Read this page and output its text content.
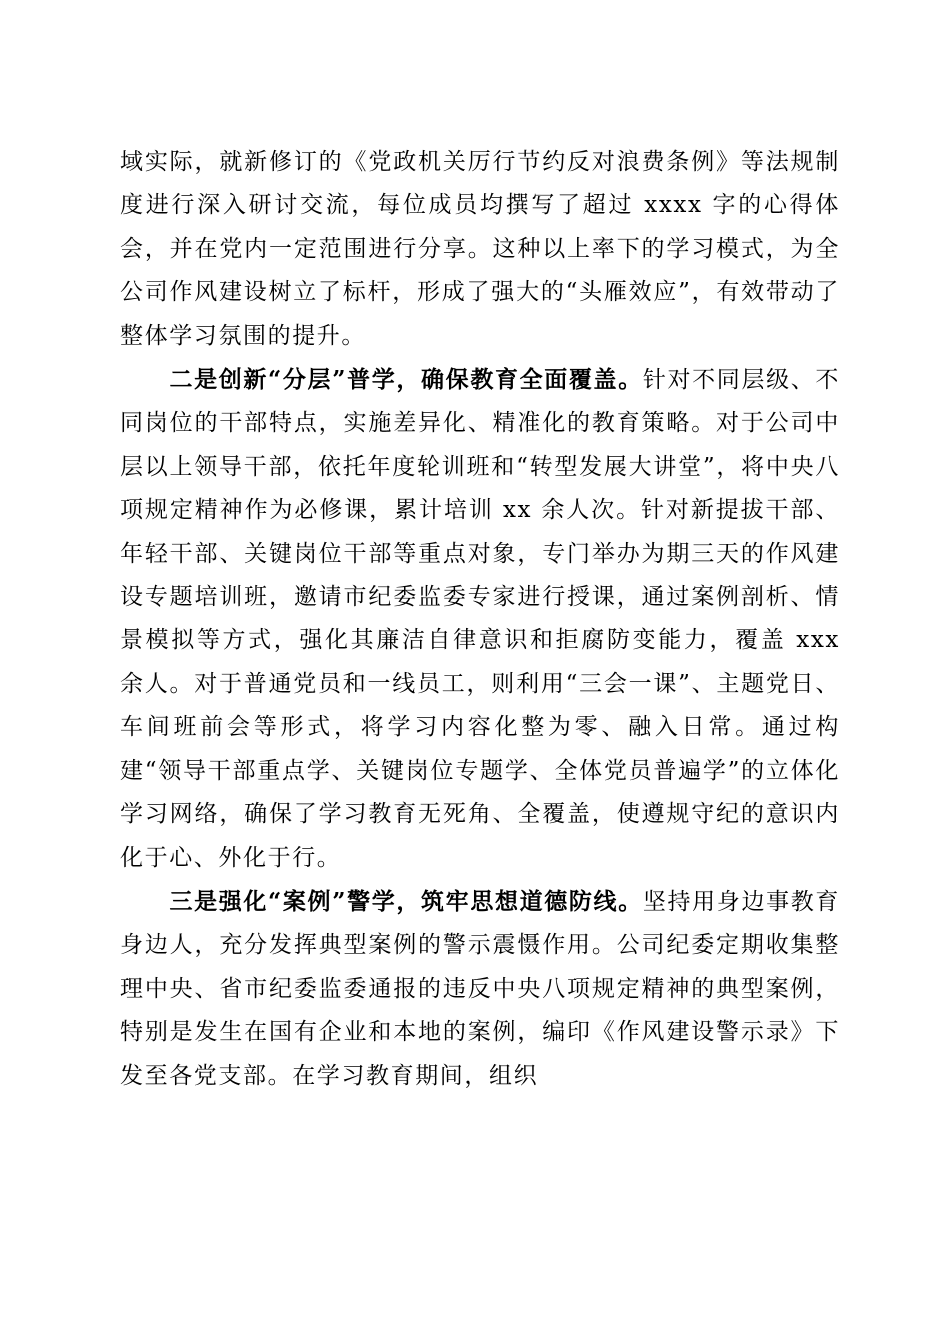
域实际，就新修订的《党政机关厉行节约反对浪费条例》等法规制度进行深入研讨交流，每位成员均撰写了超过 xxxx 字的心得体会，并在党内一定范围进行分享。这种以上率下的学习模式，为全公司作风建设树立了标杆，形成了强大的“头雁效应”，有效带动了整体学习氛围的提升。

二是创新“分层”普学，确保教育全面覆盖。针对不同层级、不同岗位的干部特点，实施差异化、精准化的教育策略。对于公司中层以上领导干部，依托年度轮训班和“转型发展大讲堂”，将中央八项规定精神作为必修课，累计培训 xx 余人次。针对新提拔干部、年轻干部、关键岗位干部等重点对象，专门举办为期三天的作风建设专题培训班，邀请市纪委监委专家进行授课，通过案例剖析、情景模拟等方式，强化其廉洁自律意识和拒腐防变能力，覆盖 xxx 余人。对于普通党员和一线员工，则利用“三会一课”、主题党日、车间班前会等形式，将学习内容化整为零、融入日常。通过构建“领导干部重点学、关键岗位专题学、全体党员普遍学”的立体化学习网络，确保了学习教育无死角、全覆盖，使遵规守纪的意识内化于心、外化于行。

三是强化“案例”警学，筑牢思想道德防线。坚持用身边事教育身边人，充分发挥典型案例的警示震慑作用。公司纪委定期收集整理中央、省市纪委监委通报的违反中央八项规定精神的典型案例，特别是发生在国有企业和本地的案例，编印《作风建设警示录》下发至各党支部。在学习教育期间，组织
